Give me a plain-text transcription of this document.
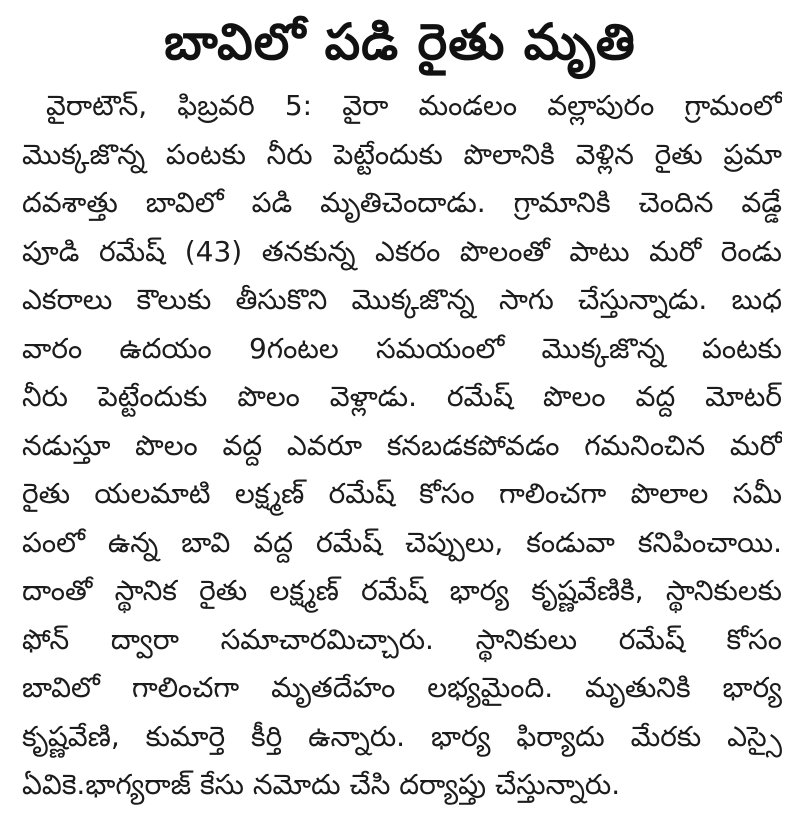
బావిలో పడి రైతు మృతి
వైరాటౌన్, ఫిబ్రవరి 5: వైరా మండలం వల్లాపురం గ్రామంలో
మొక్కజొన్న పంటకు నీరు పెట్టేందుకు పొలానికి వెళ్లిన రైతు ప్రమా
దవశాత్తు బావిలో పడి మృతిచెందాడు. గ్రామానికి చెందిన వడ్డే
పూడి రమేష్ (43) తనకున్న ఎకరం పొలంతో పాటు మరో రెండు
ఎకరాలు కౌలుకు తీసుకొని మొక్కజొన్న సాగు చేస్తున్నాడు. బుధ
వారం ఉదయం 9గంటల సమయంలో మొక్కజొన్న పంటకు
నీరు పెట్టేందుకు పొలం వెళ్లాడు. రమేష్ పొలం వద్ద మోటర్
నడుస్తూ పొలం వద్ద ఎవరూ కనబడకపోవడం గమనించిన మరో
రైతు యలమాటి లక్ష్మణ్ రమేష్ కోసం గాలించగా పొలాల సమీ
పంలో ఉన్న బావి వద్ద రమేష్ చెప్పులు, కండువా కనిపించాయి.
దాంతో స్థానిక రైతు లక్ష్మణ్ రమేష్ భార్య కృష్ణవేణికి, స్థానికులకు
ఫోన్ ద్వారా సమాచారమిచ్చారు. స్థానికులు రమేష్ కోసం
బావిలో గాలించగా మృతదేహం లభ్యమైంది. మృతునికి భార్య
కృష్ణవేణి, కుమార్తె కీర్తి ఉన్నారు. భార్య ఫిర్యాదు మేరకు ఎస్సై
ఏవికె.భాగ్యరాజ్ కేసు నమోదు చేసి దర్యాప్తు చేస్తున్నారు.
